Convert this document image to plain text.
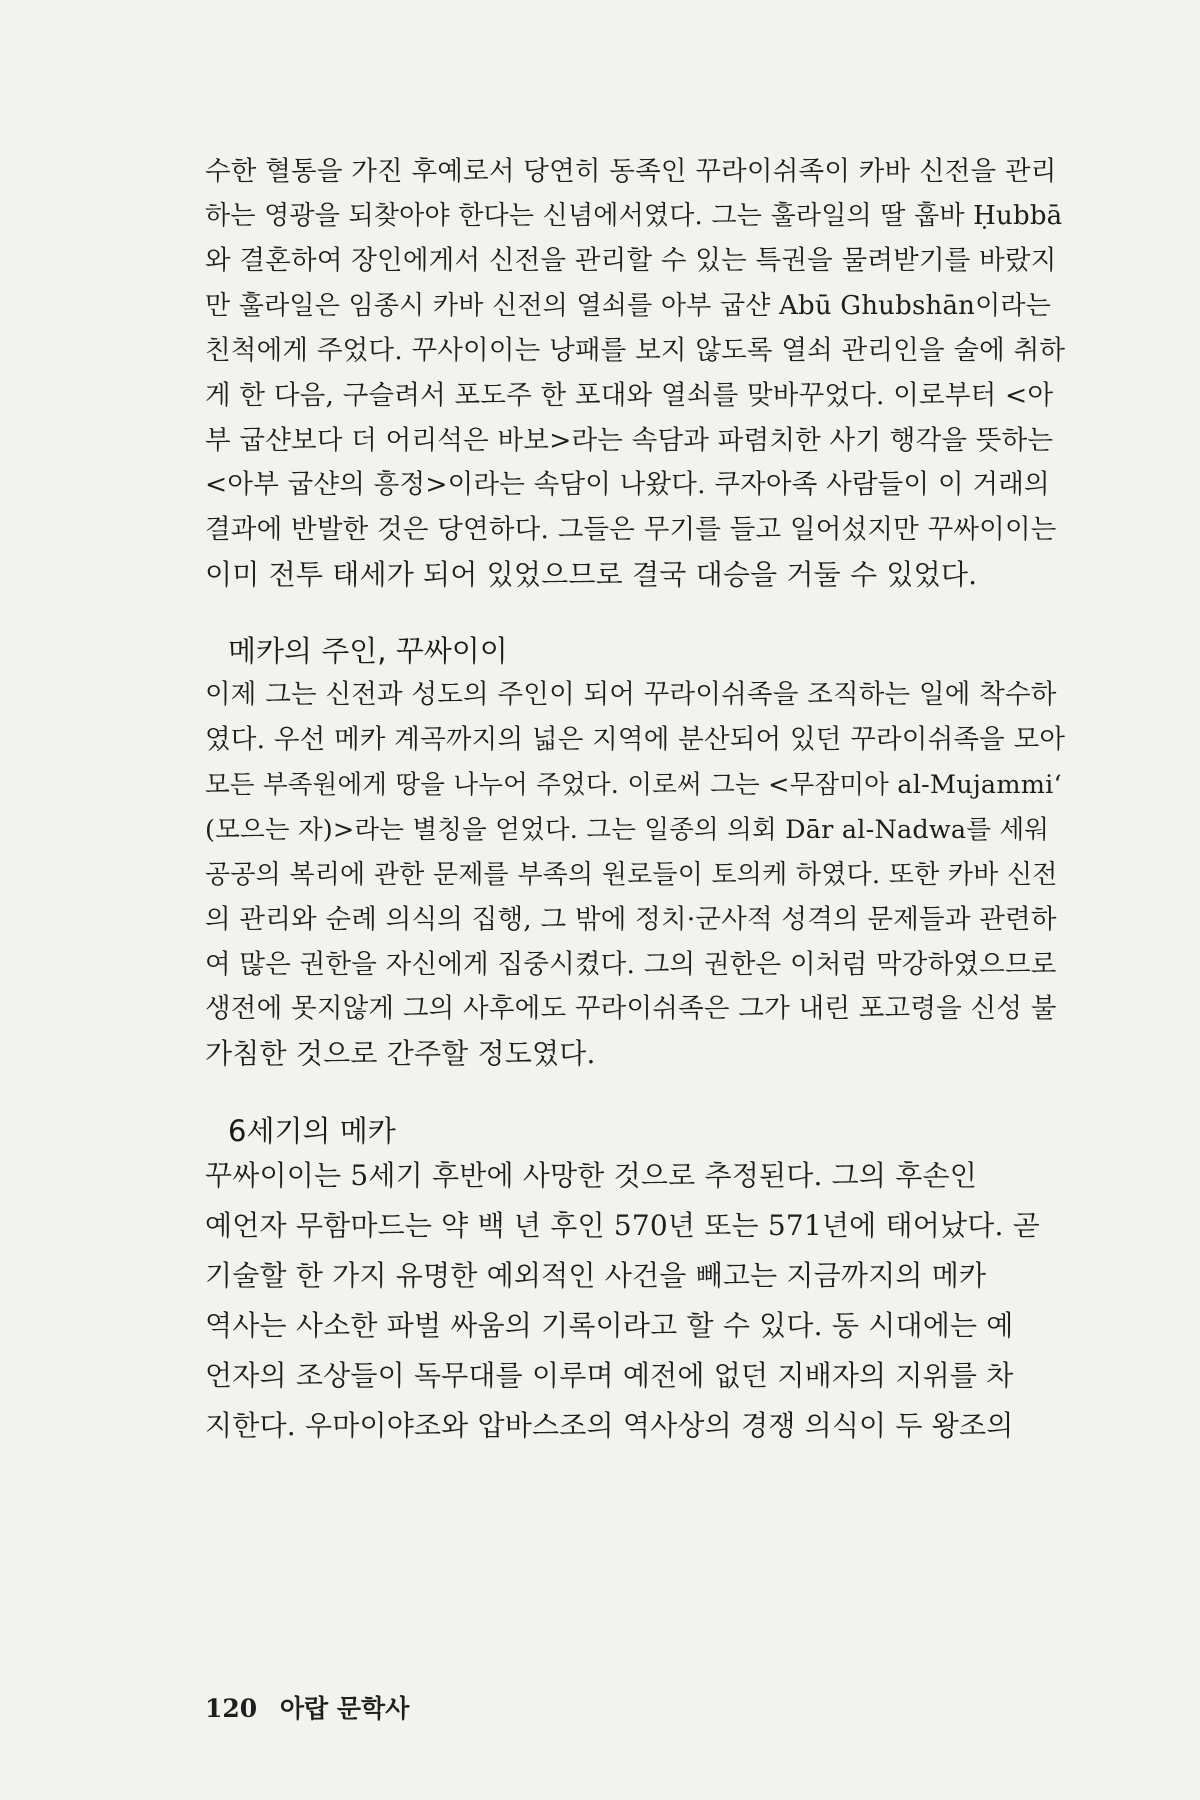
수한 혈통을 가진 후예로서 당연히 동족인 꾸라이쉬족이 카바 신전을 관리
하는 영광을 되찾아야 한다는 신념에서였다. 그는 훌라일의 딸 훕바 Ḥubbā
와 결혼하여 장인에게서 신전을 관리할 수 있는 특권을 물려받기를 바랐지
만 훌라일은 임종시 카바 신전의 열쇠를 아부 굽샨 Abū Ghubshān이라는
친척에게 주었다. 꾸사이이는 낭패를 보지 않도록 열쇠 관리인을 술에 취하
게 한 다음, 구슬려서 포도주 한 포대와 열쇠를 맞바꾸었다. 이로부터 <아
부 굽샨보다 더 어리석은 바보>라는 속담과 파렴치한 사기 행각을 뜻하는
<아부 굽샨의 흥정>이라는 속담이 나왔다. 쿠자아족 사람들이 이 거래의
결과에 반발한 것은 당연하다. 그들은 무기를 들고 일어섰지만 꾸싸이이는
이미 전투 태세가 되어 있었으므로 결국 대승을 거둘 수 있었다.
메카의 주인, 꾸싸이이
이제 그는 신전과 성도의 주인이 되어 꾸라이쉬족을 조직하는 일에 착수하
였다. 우선 메카 계곡까지의 넓은 지역에 분산되어 있던 꾸라이쉬족을 모아
모든 부족원에게 땅을 나누어 주었다. 이로써 그는 <무잠미아 al-Mujammi‘
(모으는 자)>라는 별칭을 얻었다. 그는 일종의 의회 Dār al-Nadwa를 세워
공공의 복리에 관한 문제를 부족의 원로들이 토의케 하였다. 또한 카바 신전
의 관리와 순례 의식의 집행, 그 밖에 정치·군사적 성격의 문제들과 관련하
여 많은 권한을 자신에게 집중시켰다. 그의 권한은 이처럼 막강하였으므로
생전에 못지않게 그의 사후에도 꾸라이쉬족은 그가 내린 포고령을 신성 불
가침한 것으로 간주할 정도였다.
6세기의 메카
꾸싸이이는 5세기 후반에 사망한 것으로 추정된다. 그의 후손인
예언자 무함마드는 약 백 년 후인 570년 또는 571년에 태어났다. 곧
기술할 한 가지 유명한 예외적인 사건을 빼고는 지금까지의 메카
역사는 사소한 파벌 싸움의 기록이라고 할 수 있다. 동 시대에는 예
언자의 조상들이 독무대를 이루며 예전에 없던 지배자의 지위를 차
지한다. 우마이야조와 압바스조의 역사상의 경쟁 의식이 두 왕조의
120 아랍 문학사
